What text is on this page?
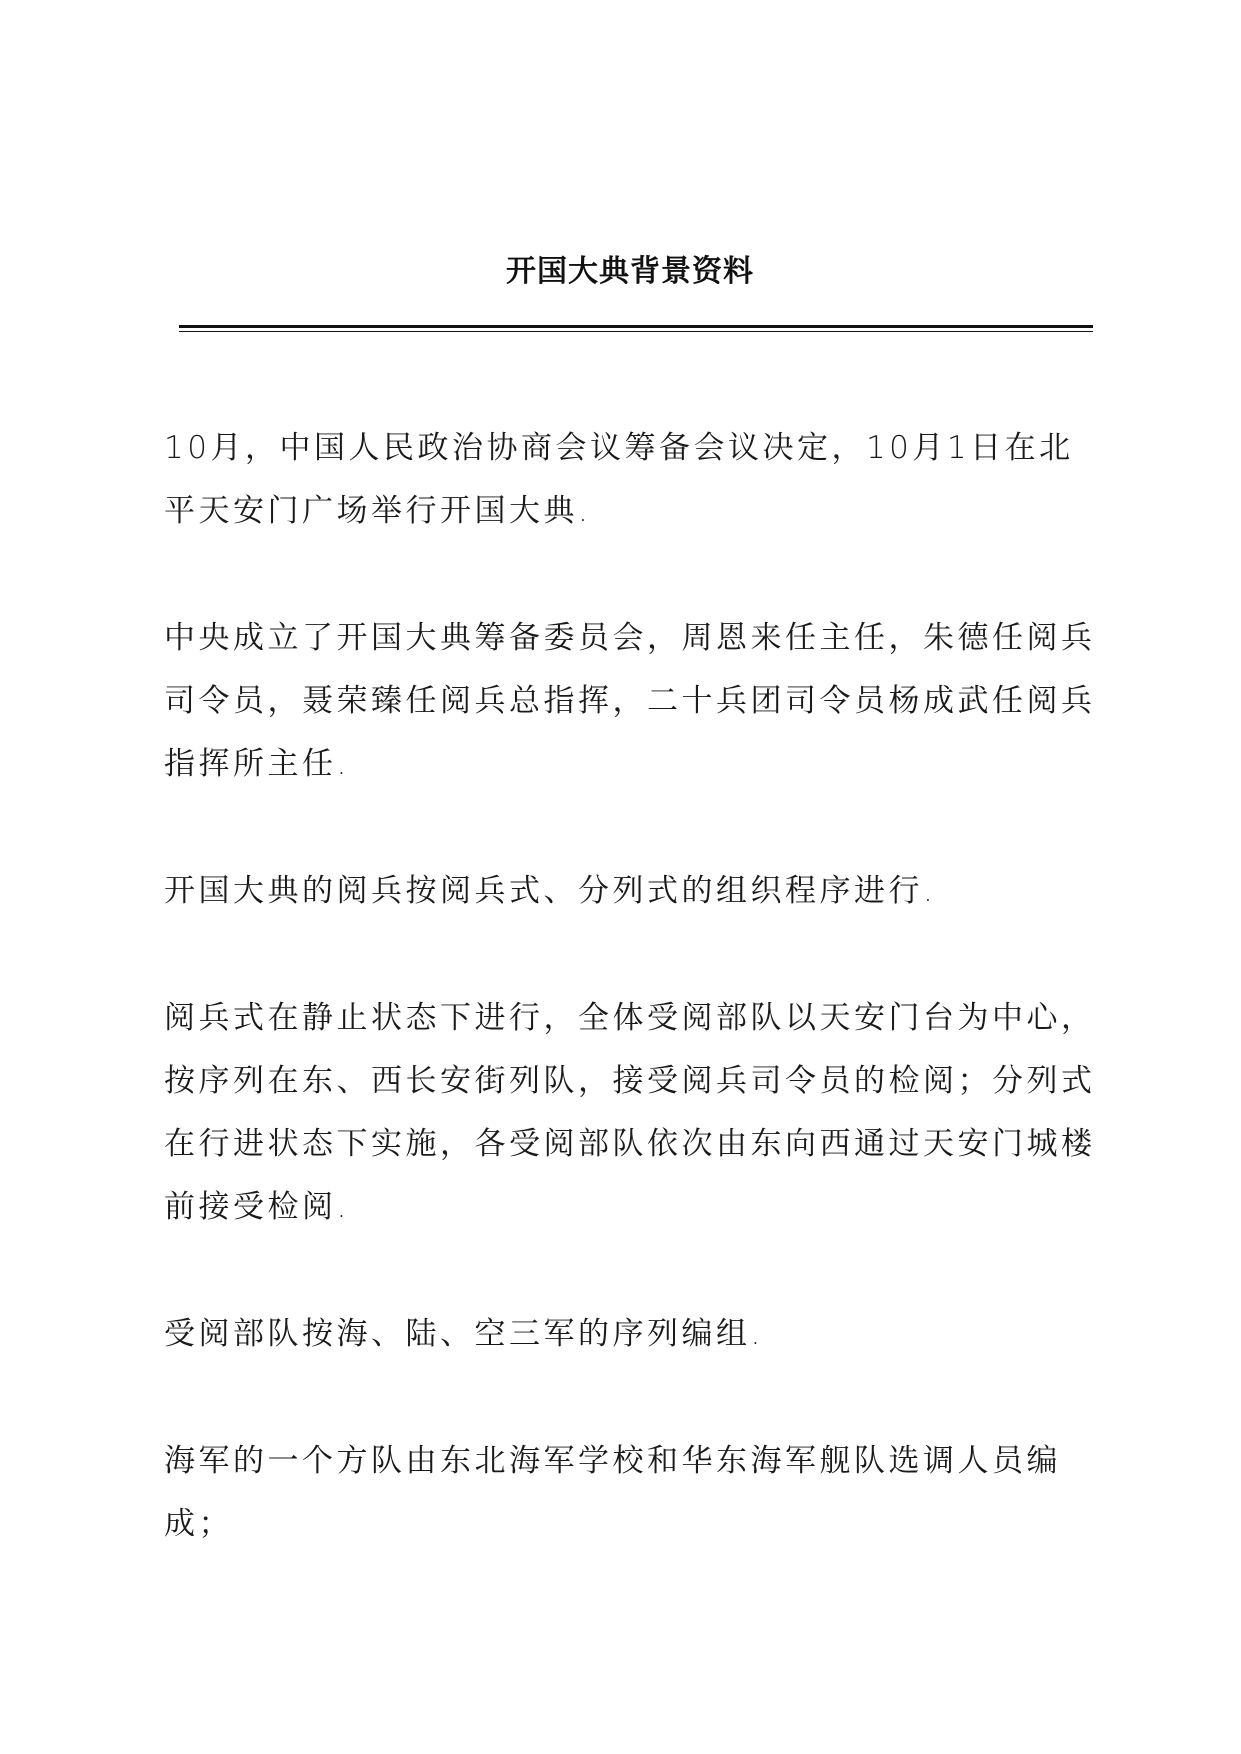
开国大典背景资料

10月，中国人民政治协商会议筹备会议决定，10月1日在北平天安门广场举行开国大典.

中央成立了开国大典筹备委员会，周恩来任主任，朱德任阅兵司令员，聂荣臻任阅兵总指挥，二十兵团司令员杨成武任阅兵指挥所主任.

开国大典的阅兵按阅兵式、分列式的组织程序进行.

阅兵式在静止状态下进行，全体受阅部队以天安门台为中心，按序列在东、西长安街列队，接受阅兵司令员的检阅；分列式在行进状态下实施，各受阅部队依次由东向西通过天安门城楼前接受检阅.

受阅部队按海、陆、空三军的序列编组.

海军的一个方队由东北海军学校和华东海军舰队选调人员编成；
